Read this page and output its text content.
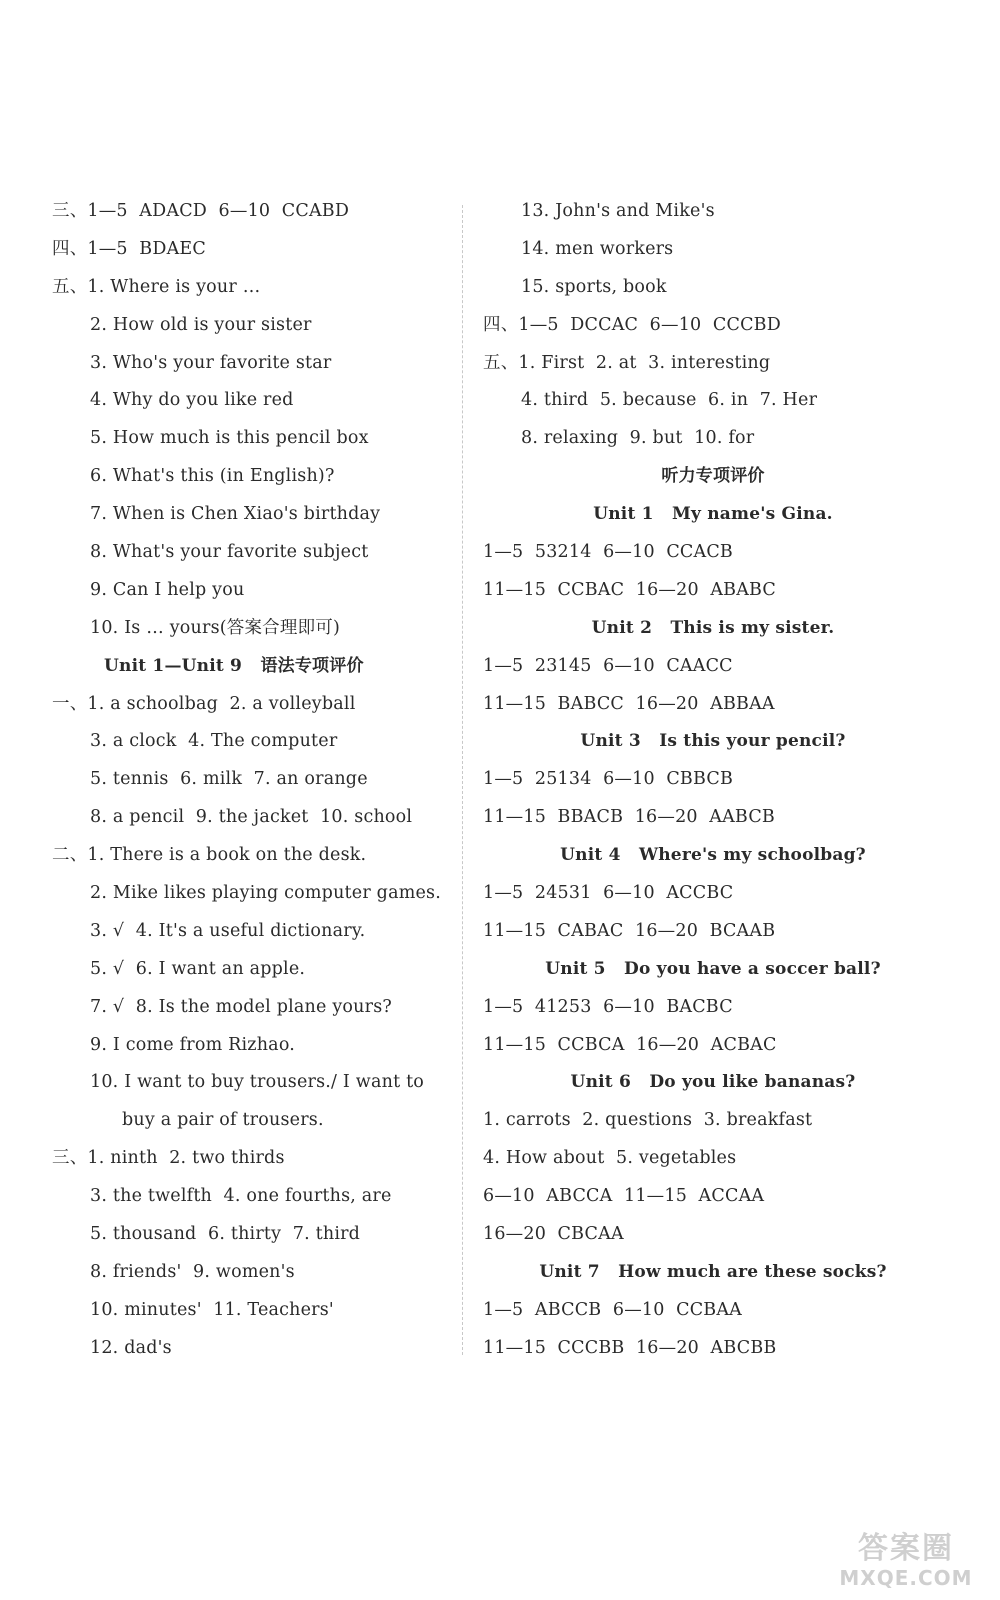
三、1—5  ADACD  6—10  CCABD
四、1—5  BDAEC
五、1. Where is your …
2. How old is your sister
3. Who's your favorite star
4. Why do you like red
5. How much is this pencil box
6. What's this (in English)?
7. When is Chen Xiao's birthday
8. What's your favorite subject
9. Can I help you
10. Is … yours(答案合理即可)
Unit 1—Unit 9   语法专项评价
一、1. a schoolbag  2. a volleyball
3. a clock  4. The computer
5. tennis  6. milk  7. an orange
8. a pencil  9. the jacket  10. school
二、1. There is a book on the desk.
2. Mike likes playing computer games.
3. √  4. It's a useful dictionary.
5. √  6. I want an apple.
7. √  8. Is the model plane yours?
9. I come from Rizhao.
10. I want to buy trousers./ I want to
buy a pair of trousers.
三、1. ninth  2. two thirds
3. the twelfth  4. one fourths, are
5. thousand  6. thirty  7. third
8. friends'  9. women's
10. minutes'  11. Teachers'
12. dad's
13. John's and Mike's
14. men workers
15. sports, book
四、1—5  DCCAC  6—10  CCCBD
五、1. First  2. at  3. interesting
4. third  5. because  6. in  7. Her
8. relaxing  9. but  10. for
听力专项评价
Unit 1   My name's Gina.
1—5  53214  6—10  CCACB
11—15  CCBAC  16—20  ABABC
Unit 2   This is my sister.
1—5  23145  6—10  CAACC
11—15  BABCC  16—20  ABBAA
Unit 3   Is this your pencil?
1—5  25134  6—10  CBBCB
11—15  BBACB  16—20  AABCB
Unit 4   Where's my schoolbag?
1—5  24531  6—10  ACCBC
11—15  CABAC  16—20  BCAAB
Unit 5   Do you have a soccer ball?
1—5  41253  6—10  BACBC
11—15  CCBCA  16—20  ACBAC
Unit 6   Do you like bananas?
1. carrots  2. questions  3. breakfast
4. How about  5. vegetables
6—10  ABCCA  11—15  ACCAA
16—20  CBCAA
Unit 7   How much are these socks?
1—5  ABCCB  6—10  CCBAA
11—15  CCCBB  16—20  ABCBB
答案圈
MXQE.COM
